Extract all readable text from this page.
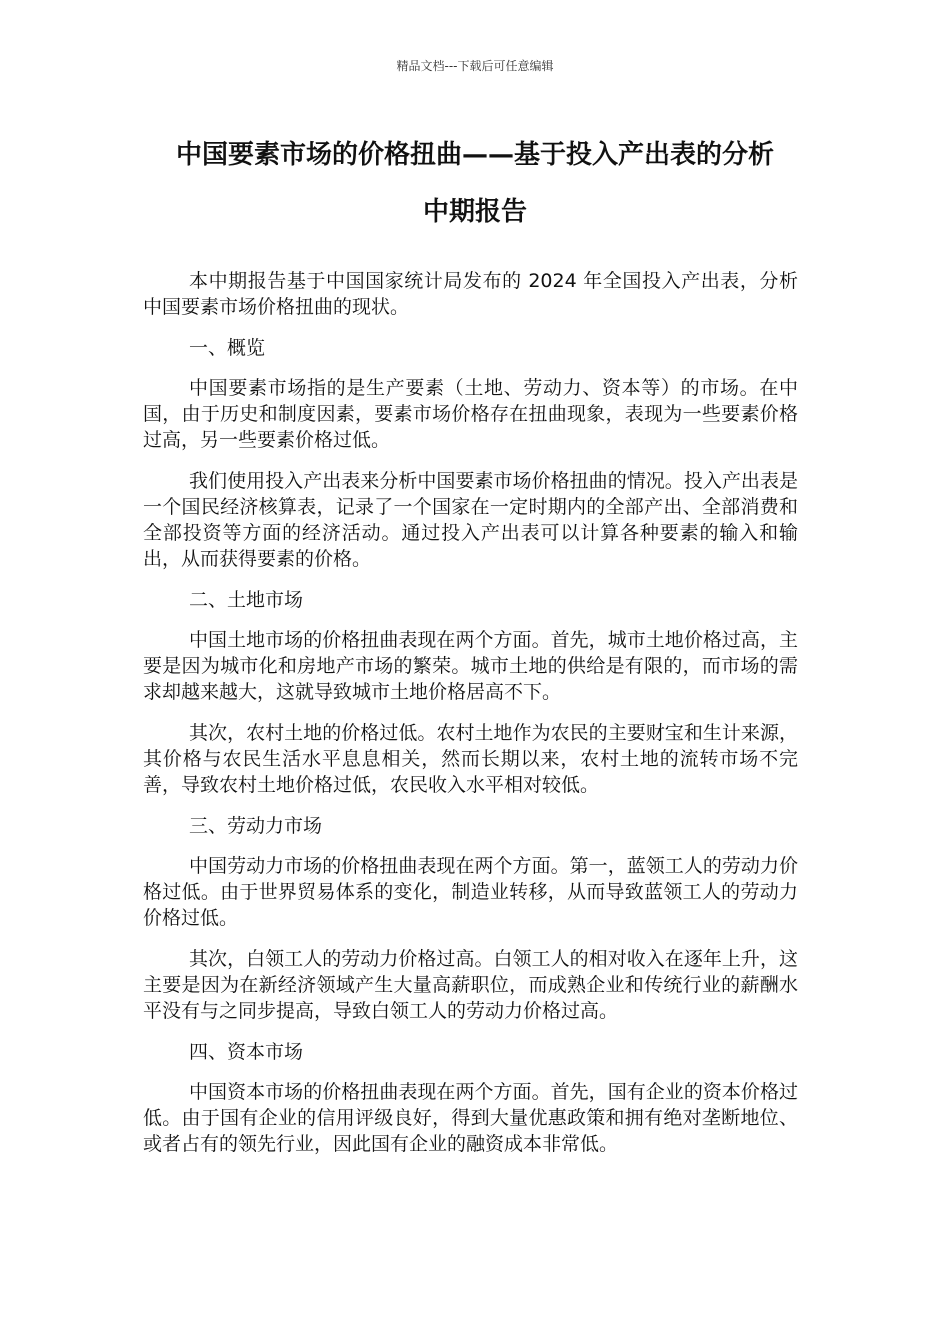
精品文档---下载后可任意编辑
中国要素市场的价格扭曲——基于投入产出表的分析
中期报告

本中期报告基于中国国家统计局发布的 2024 年全国投入产出表，分析中国要素市场价格扭曲的现状。

一、概览

中国要素市场指的是生产要素（土地、劳动力、资本等）的市场。在中国，由于历史和制度因素，要素市场价格存在扭曲现象，表现为一些要素价格过高，另一些要素价格过低。

我们使用投入产出表来分析中国要素市场价格扭曲的情况。投入产出表是一个国民经济核算表，记录了一个国家在一定时期内的全部产出、全部消费和全部投资等方面的经济活动。通过投入产出表可以计算各种要素的输入和输出，从而获得要素的价格。

二、土地市场

中国土地市场的价格扭曲表现在两个方面。首先，城市土地价格过高，主要是因为城市化和房地产市场的繁荣。城市土地的供给是有限的，而市场的需求却越来越大，这就导致城市土地价格居高不下。

其次，农村土地的价格过低。农村土地作为农民的主要财宝和生计来源，其价格与农民生活水平息息相关，然而长期以来，农村土地的流转市场不完善，导致农村土地价格过低，农民收入水平相对较低。

三、劳动力市场

中国劳动力市场的价格扭曲表现在两个方面。第一，蓝领工人的劳动力价格过低。由于世界贸易体系的变化，制造业转移，从而导致蓝领工人的劳动力价格过低。

其次，白领工人的劳动力价格过高。白领工人的相对收入在逐年上升，这主要是因为在新经济领域产生大量高薪职位，而成熟企业和传统行业的薪酬水平没有与之同步提高，导致白领工人的劳动力价格过高。

四、资本市场

中国资本市场的价格扭曲表现在两个方面。首先，国有企业的资本价格过低。由于国有企业的信用评级良好，得到大量优惠政策和拥有绝对垄断地位、或者占有的领先行业，因此国有企业的融资成本非常低。
